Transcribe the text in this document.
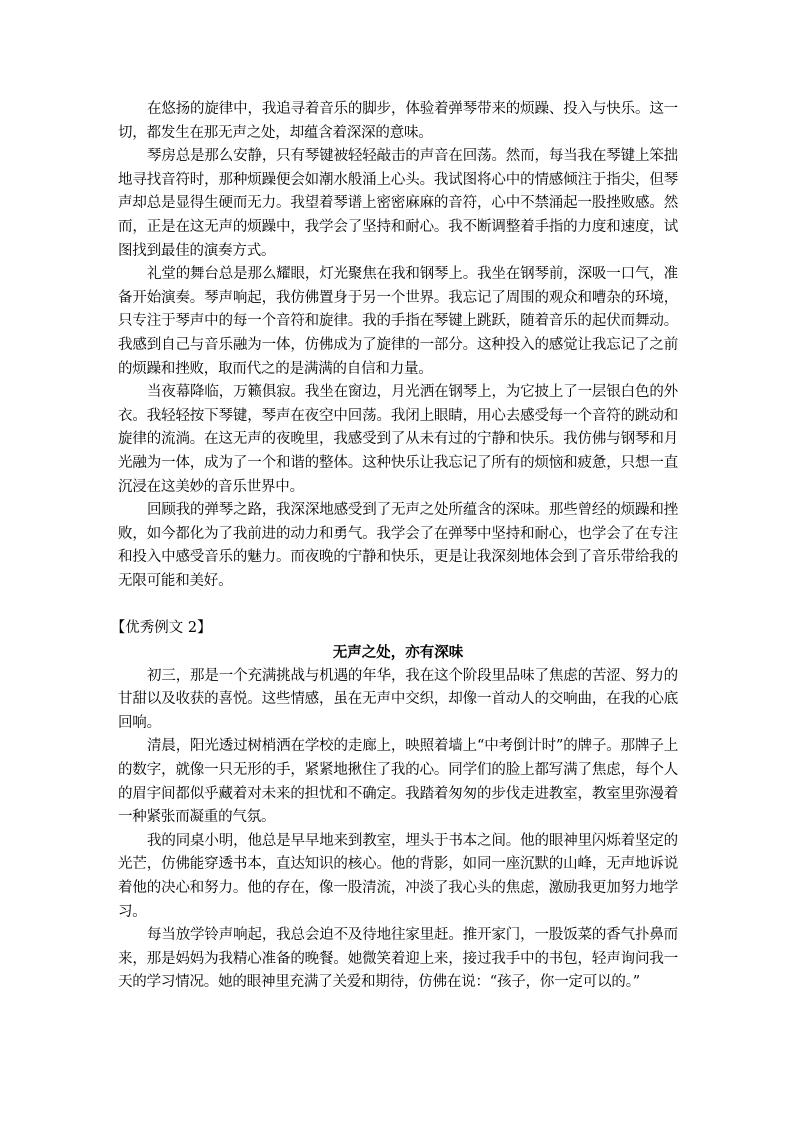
在悠扬的旋律中，我追寻着音乐的脚步，体验着弹琴带来的烦躁、投入与快乐。这一切，都发生在那无声之处，却蕴含着深深的意味。

琴房总是那么安静，只有琴键被轻轻敲击的声音在回荡。然而，每当我在琴键上笨拙地寻找音符时，那种烦躁便会如潮水般涌上心头。我试图将心中的情感倾注于指尖，但琴声却总是显得生硬而无力。我望着琴谱上密密麻麻的音符，心中不禁涌起一股挫败感。然而，正是在这无声的烦躁中，我学会了坚持和耐心。我不断调整着手指的力度和速度，试图找到最佳的演奏方式。

礼堂的舞台总是那么耀眼，灯光聚焦在我和钢琴上。我坐在钢琴前，深吸一口气，准备开始演奏。琴声响起，我仿佛置身于另一个世界。我忘记了周围的观众和嘈杂的环境，只专注于琴声中的每一个音符和旋律。我的手指在琴键上跳跃，随着音乐的起伏而舞动。我感到自己与音乐融为一体，仿佛成为了旋律的一部分。这种投入的感觉让我忘记了之前的烦躁和挫败，取而代之的是满满的自信和力量。

当夜幕降临，万籁俱寂。我坐在窗边，月光洒在钢琴上，为它披上了一层银白色的外衣。我轻轻按下琴键，琴声在夜空中回荡。我闭上眼睛，用心去感受每一个音符的跳动和旋律的流淌。在这无声的夜晚里，我感受到了从未有过的宁静和快乐。我仿佛与钢琴和月光融为一体，成为了一个和谐的整体。这种快乐让我忘记了所有的烦恼和疲惫，只想一直沉浸在这美妙的音乐世界中。

回顾我的弹琴之路，我深深地感受到了无声之处所蕴含的深味。那些曾经的烦躁和挫败，如今都化为了我前进的动力和勇气。我学会了在弹琴中坚持和耐心，也学会了在专注和投入中感受音乐的魅力。而夜晚的宁静和快乐，更是让我深刻地体会到了音乐带给我的无限可能和美好。

【优秀例文 2】

无声之处，亦有深味

初三，那是一个充满挑战与机遇的年华，我在这个阶段里品味了焦虑的苦涩、努力的甘甜以及收获的喜悦。这些情感，虽在无声中交织，却像一首动人的交响曲，在我的心底回响。

清晨，阳光透过树梢洒在学校的走廊上，映照着墙上“中考倒计时”的牌子。那牌子上的数字，就像一只无形的手，紧紧地揪住了我的心。同学们的脸上都写满了焦虑，每个人的眉宇间都似乎藏着对未来的担忧和不确定。我踏着匆匆的步伐走进教室，教室里弥漫着一种紧张而凝重的气氛。

我的同桌小明，他总是早早地来到教室，埋头于书本之间。他的眼神里闪烁着坚定的光芒，仿佛能穿透书本，直达知识的核心。他的背影，如同一座沉默的山峰，无声地诉说着他的决心和努力。他的存在，像一股清流，冲淡了我心头的焦虑，激励我更加努力地学习。

每当放学铃声响起，我总会迫不及待地往家里赶。推开家门，一股饭菜的香气扑鼻而来，那是妈妈为我精心准备的晚餐。她微笑着迎上来，接过我手中的书包，轻声询问我一天的学习情况。她的眼神里充满了关爱和期待，仿佛在说：“孩子，你一定可以的。”
